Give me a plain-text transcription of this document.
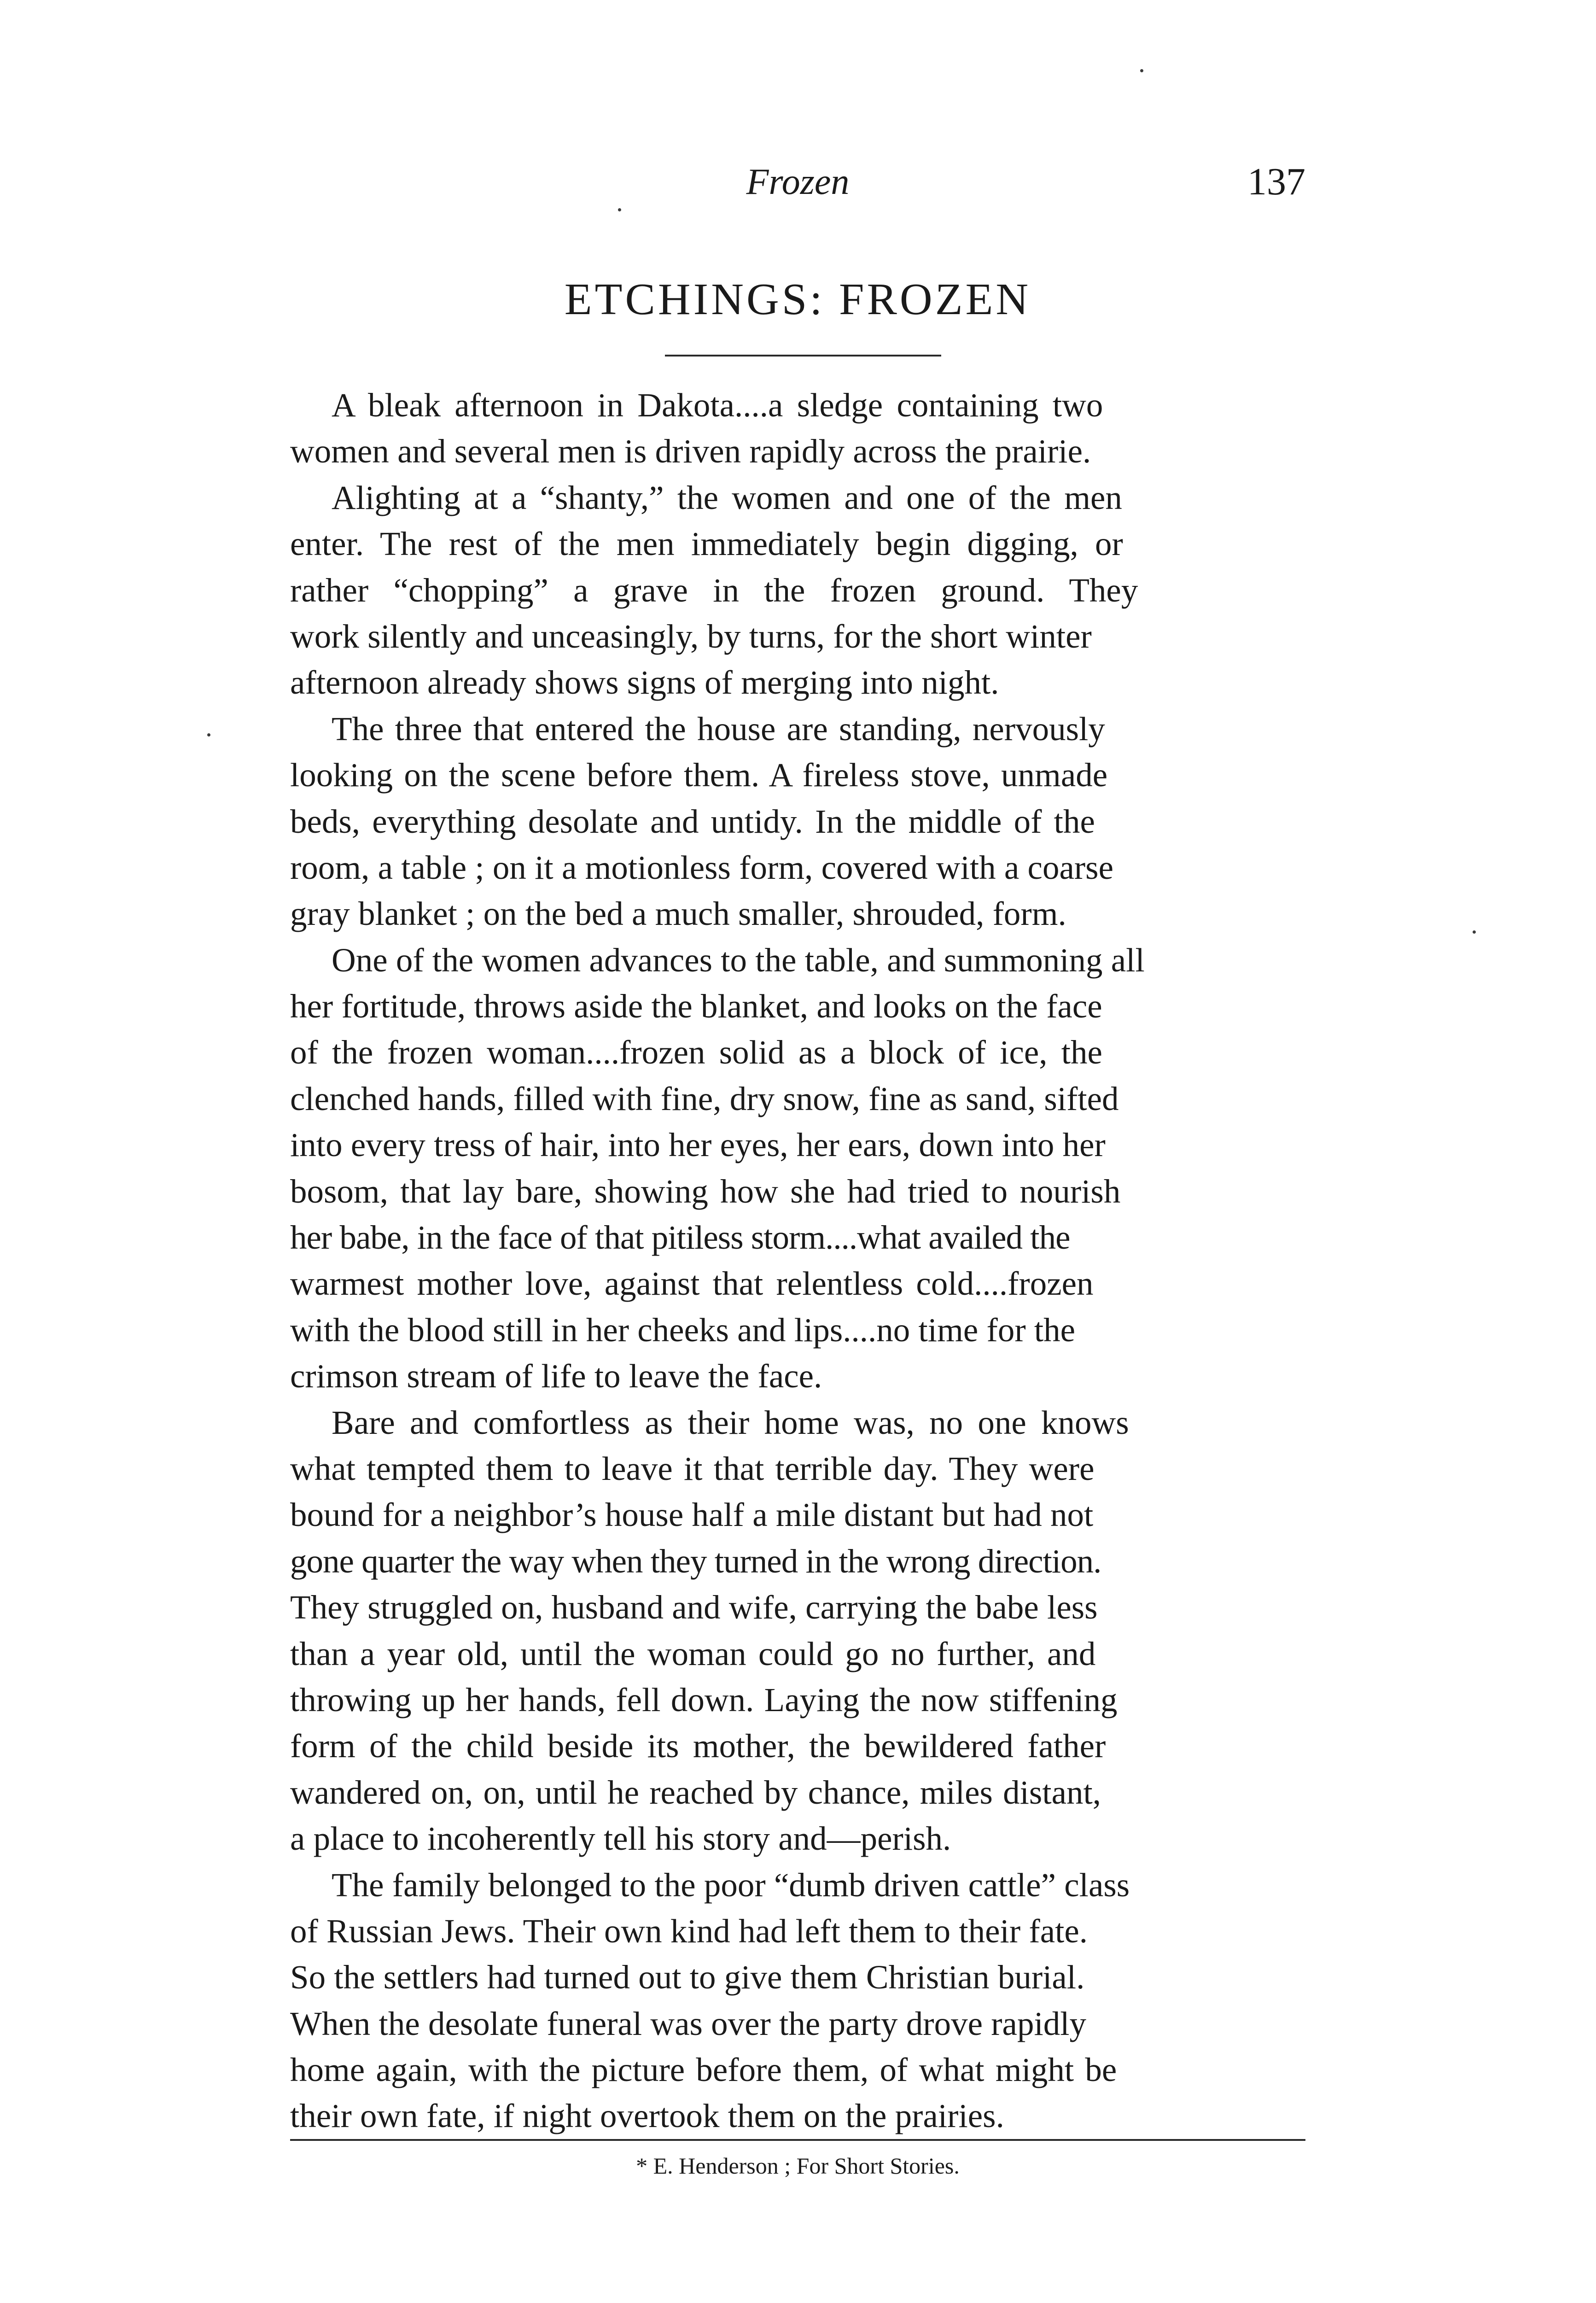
Frozen	137
ETCHINGS: FROZEN
A bleak afternoon in Dakota....a sledge containing two
women and several men is driven rapidly across the prairie.
Alighting at a “shanty,” the women and one of the men
enter. The rest of the men immediately begin digging, or
rather “chopping” a grave in the frozen ground. They
work silently and unceasingly, by turns, for the short winter
afternoon already shows signs of merging into night.
The three that entered the house are standing, nervously
looking on the scene before them. A fireless stove, unmade
beds, everything desolate and untidy. In the middle of the
room, a table ; on it a motionless form, covered with a coarse
gray blanket ; on the bed a much smaller, shrouded, form.
One of the women advances to the table, and summoning all
her fortitude, throws aside the blanket, and looks on the face
of the frozen woman....frozen solid as a block of ice, the
clenched hands, filled with fine, dry snow, fine as sand, sifted
into every tress of hair, into her eyes, her ears, down into her
bosom, that lay bare, showing how she had tried to nourish
her babe, in the face of that pitiless storm....what availed the
warmest mother love, against that relentless cold....frozen
with the blood still in her cheeks and lips....no time for the
crimson stream of life to leave the face.
Bare and comfortless as their home was, no one knows
what tempted them to leave it that terrible day. They were
bound for a neighbor’s house half a mile distant but had not
gone quarter the way when they turned in the wrong direction.
They struggled on, husband and wife, carrying the babe less
than a year old, until the woman could go no further, and
throwing up her hands, fell down. Laying the now stiffening
form of the child beside its mother, the bewildered father
wandered on, on, until he reached by chance, miles distant,
a place to incoherently tell his story and—perish.
The family belonged to the poor “dumb driven cattle” class
of Russian Jews. Their own kind had left them to their fate.
So the settlers had turned out to give them Christian burial.
When the desolate funeral was over the party drove rapidly
home again, with the picture before them, of what might be
their own fate, if night overtook them on the prairies.
* E. Henderson ; For Short Stories.
